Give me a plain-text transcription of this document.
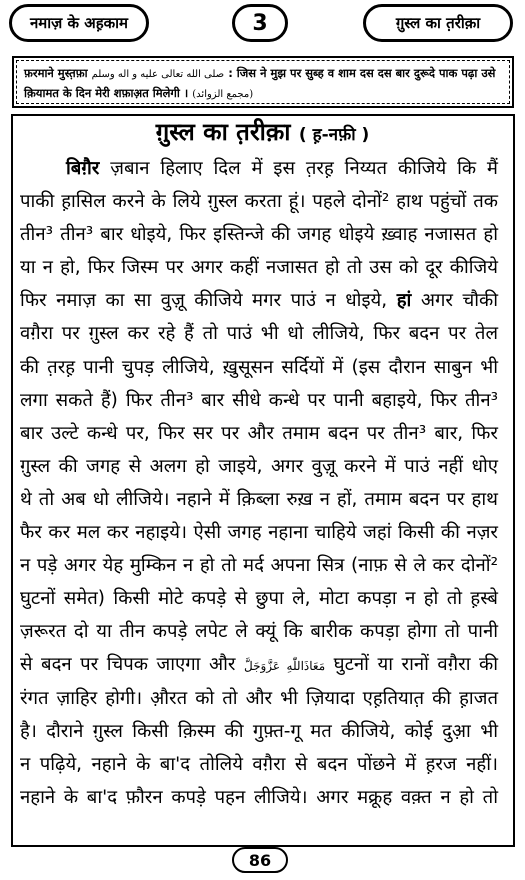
नमाज़ के अह़काम	3	ग़ुस्ल का त़रीक़ा
फ़रमाने मुस्त़फ़ा صلى الله تعالى عليه و اله وسلم : जिस ने मुझ पर सुब्ह व शाम दस दस बार दुरूदे पाक पढ़ा उसे
क़ियामत के दिन मेरी शफ़ाअ़त मिलेगी । (مجمع الزوائد)
ग़ुस्ल का त़रीक़ा ( ह़-नफ़ी )
बिग़ैर ज़बान हिलाए दिल में इस त़रह़ निय्यत कीजिये कि मैं
पाकी ह़ासिल करने के लिये ग़ुस्ल करता हूं। पहले दोनों² हाथ पहुंचों तक
तीन³ तीन³ बार धोइये, फिर इस्तिन्जे की जगह धोइये ख़्वाह नजासत हो
या न हो, फिर जिस्म पर अगर कहीं नजासत हो तो उस को दूर कीजिये
फिर नमाज़ का सा वुज़ू कीजिये मगर पाउं न धोइये, हां अगर चौकी
वग़ैरा पर ग़ुस्ल कर रहे हैं तो पाउं भी धो लीजिये, फिर बदन पर तेल
की त़रह़ पानी चुपड़ लीजिये, ख़ुसूसन सर्दियों में (इस दौरान साबुन भी
लगा सकते हैं) फिर तीन³ बार सीधे कन्धे पर पानी बहाइये, फिर तीन³
बार उल्टे कन्धे पर, फिर सर पर और तमाम बदन पर तीन³ बार, फिर
ग़ुस्ल की जगह से अलग हो जाइये, अगर वुज़ू करने में पाउं नहीं धोए
थे तो अब धो लीजिये। नहाने में क़िब्ला रुख़ न हों, तमाम बदन पर हाथ
फैर कर मल कर नहाइये। ऐसी जगह नहाना चाहिये जहां किसी की नज़र
न पड़े अगर येह मुम्किन न हो तो मर्द अपना सित्र (नाफ़ से ले कर दोनों²
घुटनों समेत) किसी मोटे कपड़े से छुपा ले, मोटा कपड़ा न हो तो ह़स्बे
ज़रूरत दो या तीन कपड़े लपेट ले क्यूं कि बारीक कपड़ा होगा तो पानी
से बदन पर चिपक जाएगा और مَعَاذَاللّٰهِ عَزَّوَجَلَّ घुटनों या रानों वग़ैरा की
रंगत ज़ाहिर होगी। औ़रत को तो और भी ज़ियादा एह़तियात़ की ह़ाजत
है। दौराने ग़ुस्ल किसी क़िस्म की गुफ़्त-गू मत कीजिये, कोई दुआ़ भी
न पढ़िये, नहाने के बा'द तोलिये वग़ैरा से बदन पोंछने में ह़रज नहीं।
नहाने के बा'द फ़ौरन कपड़े पहन लीजिये। अगर मक्रूह वक़्त न हो तो
86
